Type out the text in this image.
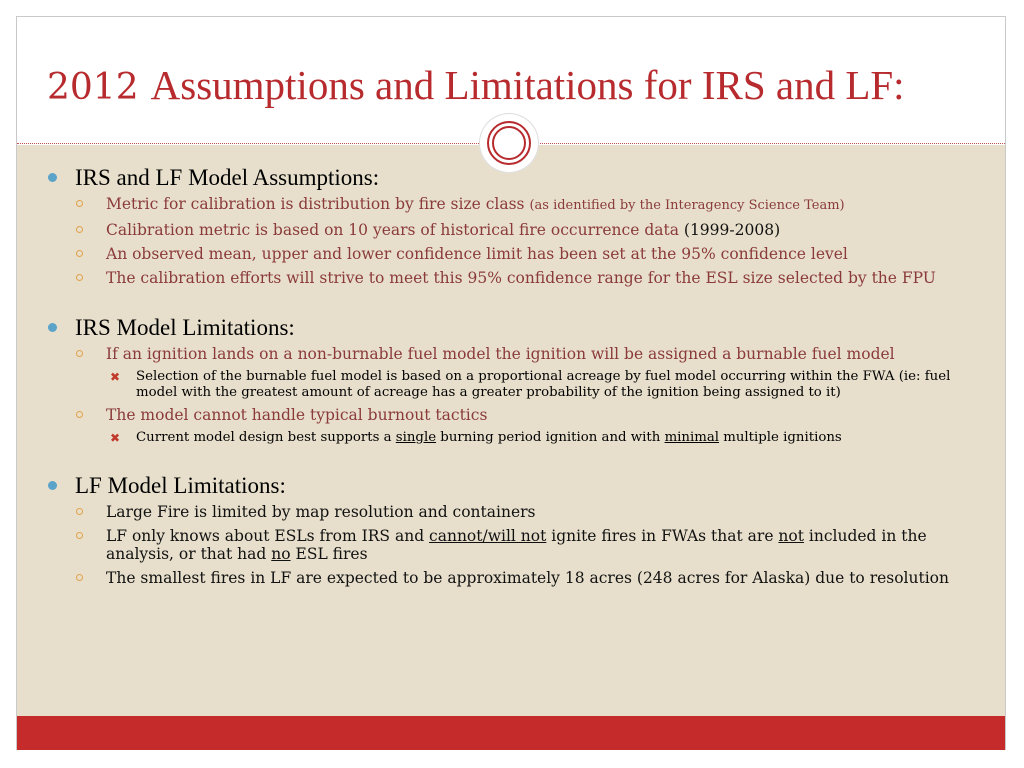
2012 Assumptions and Limitations for IRS and LF:
IRS and LF Model Assumptions:
Metric for calibration is distribution by fire size class (as identified by the Interagency Science Team)
Calibration metric is based on 10 years of historical fire occurrence data (1999-2008)
An observed mean, upper and lower confidence limit has been set at the 95% confidence level
The calibration efforts will strive to meet this 95% confidence range for the ESL size selected by the FPU
IRS Model Limitations:
If an ignition lands on a non-burnable fuel model the ignition will be assigned a burnable fuel model
✖ Selection of the burnable fuel model is based on a proportional acreage by fuel model occurring within the FWA (ie: fuel model with the greatest amount of acreage has a greater probability of the ignition being assigned to it)
The model cannot handle typical burnout tactics
✖ Current model design best supports a single burning period ignition and with minimal multiple ignitions
LF Model Limitations:
Large Fire is limited by map resolution and containers
LF only knows about ESLs from IRS and cannot/will not ignite fires in FWAs that are not included in the analysis, or that had no ESL fires
The smallest fires in LF are expected to be approximately 18 acres (248 acres for Alaska) due to resolution
